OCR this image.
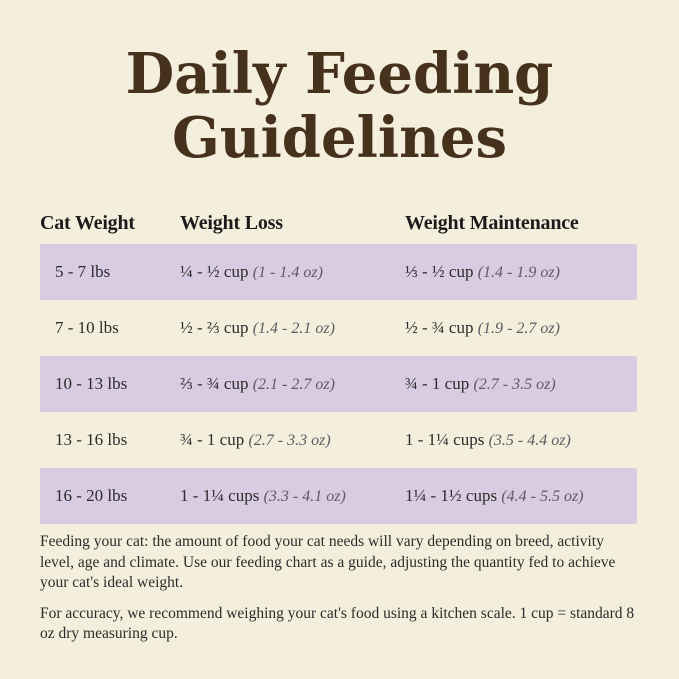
Daily Feeding
Guidelines
Cat Weight	Weight Loss	Weight Maintenance
5 - 7 lbs	¼ - ½ cup (1 - 1.4 oz)	⅓ - ½ cup (1.4 - 1.9 oz)
7 - 10 lbs	½ - ⅔ cup (1.4 - 2.1 oz)	½ - ¾ cup (1.9 - 2.7 oz)
10 - 13 lbs	⅔ - ¾ cup (2.1 - 2.7 oz)	¾ - 1 cup (2.7 - 3.5 oz)
13 - 16 lbs	¾ - 1 cup (2.7 - 3.3 oz)	1 - 1¼ cups (3.5 - 4.4 oz)
16 - 20 lbs	1 - 1¼ cups (3.3 - 4.1 oz)	1¼ - 1½ cups (4.4 - 5.5 oz)

Feeding your cat: the amount of food your cat needs will vary depending on breed, activity level, age and climate. Use our feeding chart as a guide, adjusting the quantity fed to achieve your cat's ideal weight.

For accuracy, we recommend weighing your cat's food using a kitchen scale. 1 cup = standard 8 oz dry measuring cup.
